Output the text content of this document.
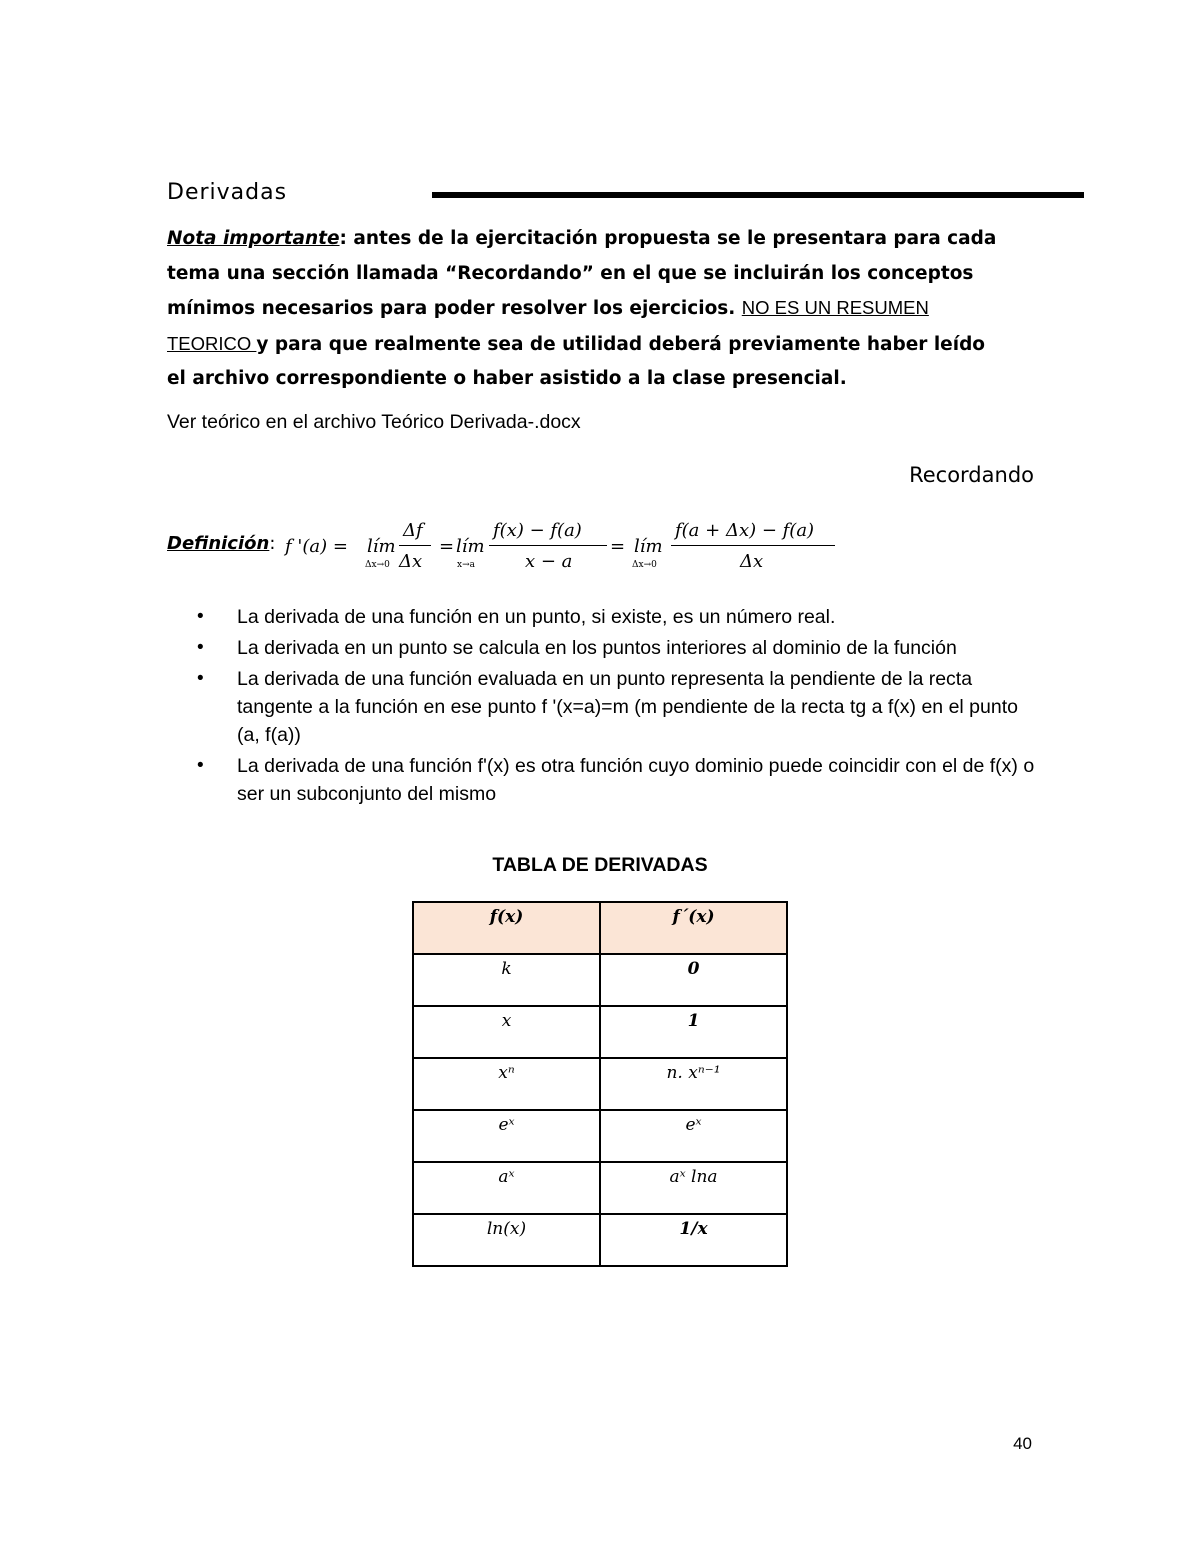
Derivadas
Nota importante: antes de la ejercitación propuesta se le presentara para cada
tema una sección llamada “Recordando” en el que se incluirán los conceptos
mínimos necesarios para poder resolver los ejercicios. NO ES UN RESUMEN
TEORICO y para que realmente sea de utilidad deberá previamente haber leído
el archivo correspondiente o haber asistido a la clase presencial.
Ver teórico en el archivo Teórico Derivada-.docx
Recordando
Definición: f '(a) = lím
Δx→0
Δf
Δx
= lím
x→a
f(x) − f(a)
x − a
= lím
Δx→0
f(a + Δx) − f(a)
Δx
• La derivada de una función en un punto, si existe, es un número real.
• La derivada en un punto se calcula en los puntos interiores al dominio de la función
• La derivada de una función evaluada en un punto representa la pendiente de la recta tangente a la función en ese punto f '(x=a)=m (m pendiente de la recta tg a f(x) en el punto (a, f(a))
• La derivada de una función f'(x) es otra función cuyo dominio puede coincidir con el de f(x) o ser un subconjunto del mismo
TABLA DE DERIVADAS
f(x)	f´(x)
k	0
x	1
xⁿ	n. xⁿ⁻¹
eˣ	eˣ
aˣ	aˣ lna
ln(x)	1/x
40
